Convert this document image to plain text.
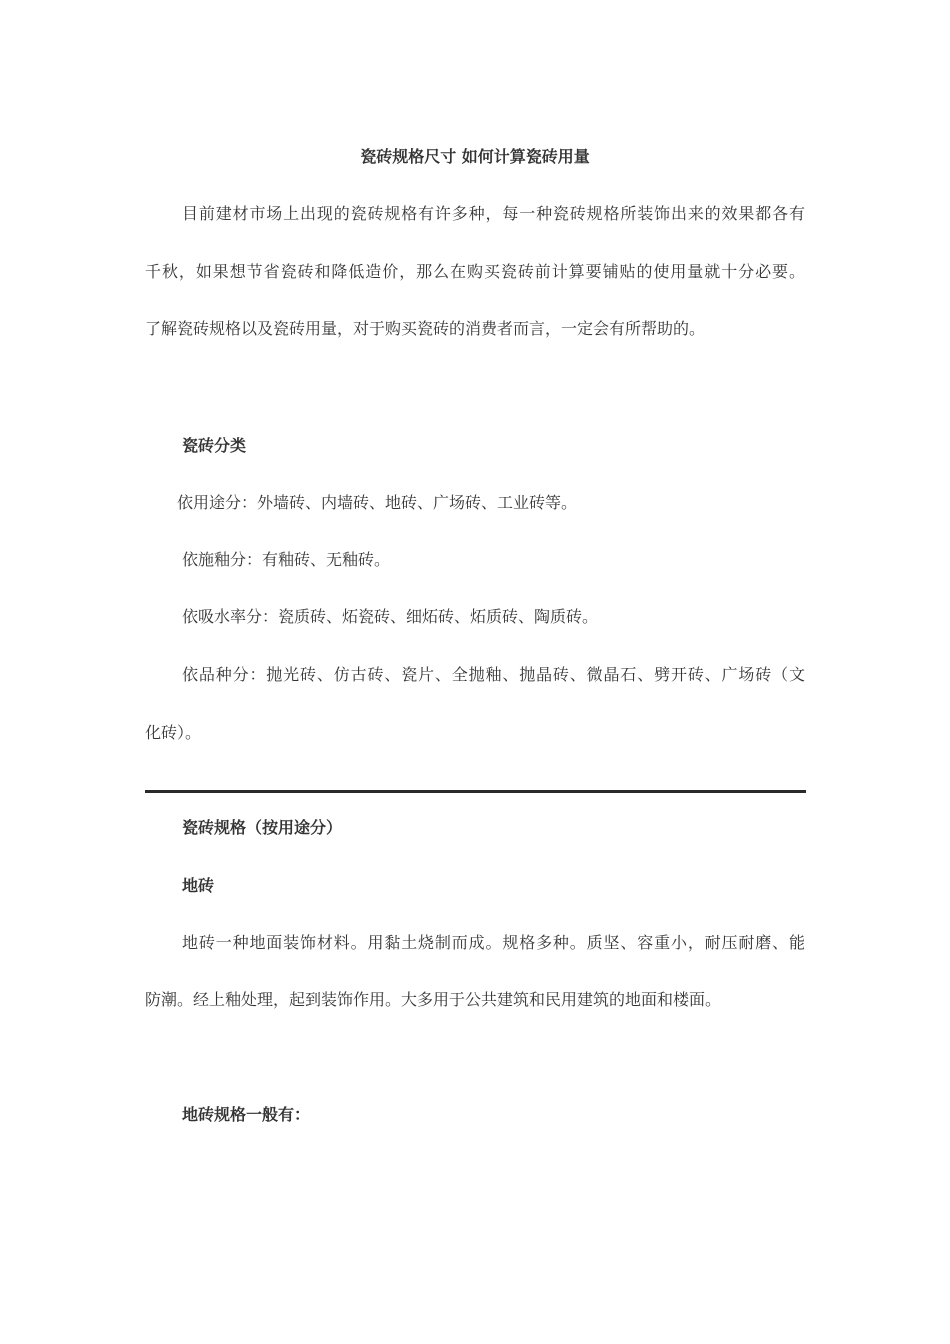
瓷砖规格尺寸 如何计算瓷砖用量
目前建材市场上出现的瓷砖规格有许多种，每一种瓷砖规格所装饰出来的效果都各有
千秋，如果想节省瓷砖和降低造价，那么在购买瓷砖前计算要铺贴的使用量就十分必要。
了解瓷砖规格以及瓷砖用量，对于购买瓷砖的消费者而言，一定会有所帮助的。
瓷砖分类
依用途分：外墙砖、内墙砖、地砖、广场砖、工业砖等。
依施釉分：有釉砖、无釉砖。
依吸水率分：瓷质砖、炻瓷砖、细炻砖、炻质砖、陶质砖。
依品种分：抛光砖、仿古砖、瓷片、全抛釉、抛晶砖、微晶石、劈开砖、广场砖（文
化砖）。
瓷砖规格（按用途分）
地砖
地砖一种地面装饰材料。用黏土烧制而成。规格多种。质坚、容重小，耐压耐磨、能
防潮。经上釉处理，起到装饰作用。大多用于公共建筑和民用建筑的地面和楼面。
地砖规格一般有：
